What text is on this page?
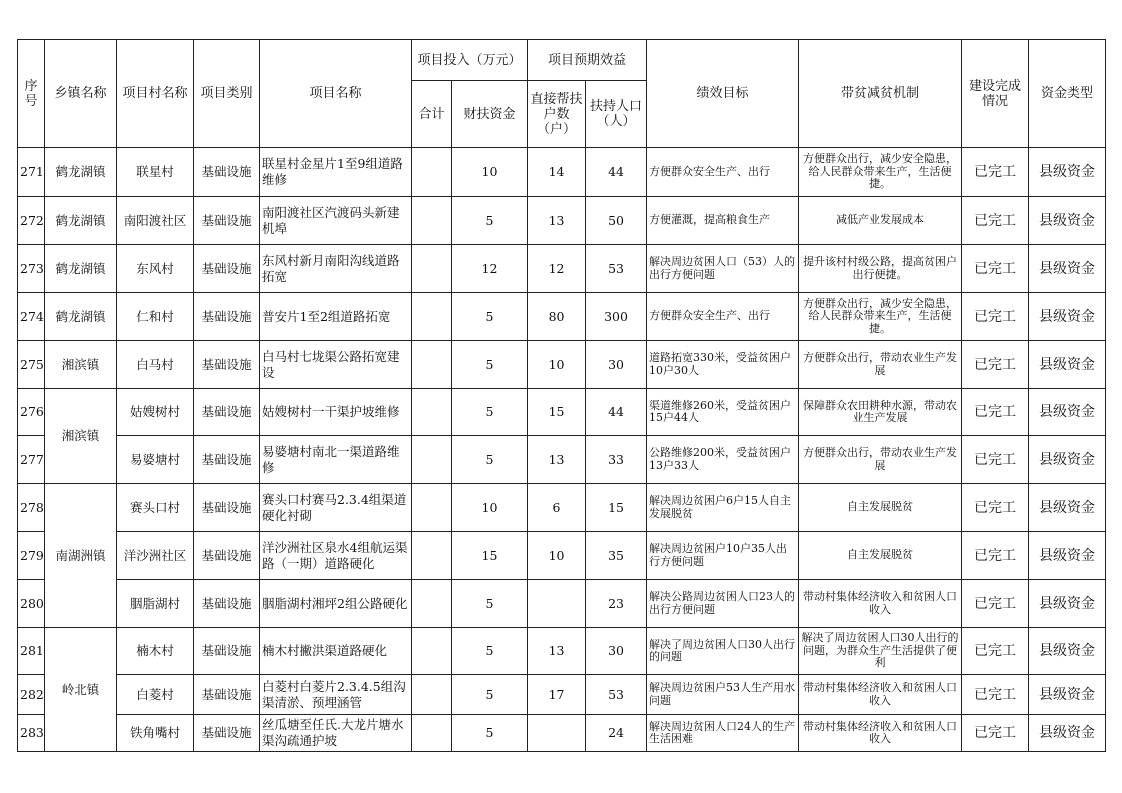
序号	乡镇名称	项目村名称	项目类别	项目名称	项目投入（万元）		项目预期效益		绩效目标	带贫减贫机制	建设完成情况	资金类型
					合计	财扶资金	直接帮扶户数（户）	扶持人口（人）				
271	鹤龙湖镇	联星村	基础设施	联星村金星片1至9组道路维修		10	14	44	方便群众安全生产、出行	方便群众出行，减少安全隐患，给人民群众带来生产，生活便捷。	已完工	县级资金
272	鹤龙湖镇	南阳渡社区	基础设施	南阳渡社区汽渡码头新建机埠		5	13	50	方便灌溉，提高粮食生产	减低产业发展成本	已完工	县级资金
273	鹤龙湖镇	东风村	基础设施	东风村新月南阳沟线道路拓宽		12	12	53	解决周边贫困人口（53）人的出行方便问题	提升该村村级公路，提高贫困户出行便捷。	已完工	县级资金
274	鹤龙湖镇	仁和村	基础设施	普安片1至2组道路拓宽		5	80	300	方便群众安全生产、出行	方便群众出行，减少安全隐患，给人民群众带来生产，生活便捷。	已完工	县级资金
275	湘滨镇	白马村	基础设施	白马村七垅渠公路拓宽建设		5	10	30	道路拓宽330米，受益贫困户10户30人	方便群众出行，带动农业生产发展	已完工	县级资金
276	湘滨镇	姑嫂树村	基础设施	姑嫂树村一干渠护坡维修		5	15	44	渠道维修260米，受益贫困户15户44人	保障群众农田耕种水源，带动农业生产发展	已完工	县级资金
277		易婆塘村	基础设施	易婆塘村南北一渠道路维修		5	13	33	公路维修200米，受益贫困户13户33人	方便群众出行，带动农业生产发展	已完工	县级资金
278	南湖洲镇	赛头口村	基础设施	赛头口村赛马2.3.4组渠道硬化衬砌		10	6	15	解决周边贫困户6户15人自主发展脱贫	自主发展脱贫	已完工	县级资金
279		洋沙洲社区	基础设施	洋沙洲社区泉水4组航运渠路（一期）道路硬化		15	10	35	解决周边贫困户10户35人出行方便问题	自主发展脱贫	已完工	县级资金
280		胭脂湖村	基础设施	胭脂湖村湘坪2组公路硬化		5		23	解决公路周边贫困人口23人的出行方便问题	带动村集体经济收入和贫困人口收入	已完工	县级资金
281	岭北镇	楠木村	基础设施	楠木村撇洪渠道路硬化		5	13	30	解决了周边贫困人口30人出行的问题	解决了周边贫困人口30人出行的问题，为群众生产生活提供了便利	已完工	县级资金
282		白菱村	基础设施	白菱村白菱片2.3.4.5组沟渠清淤、预埋涵管		5	17	53	解决周边贫困户53人生产用水问题	带动村集体经济收入和贫困人口收入	已完工	县级资金
283		铁角嘴村	基础设施	丝瓜塘至任氏.大龙片塘水渠沟疏通护坡		5		24	解决周边贫困人口24人的生产生活困难	带动村集体经济收入和贫困人口收入	已完工	县级资金
